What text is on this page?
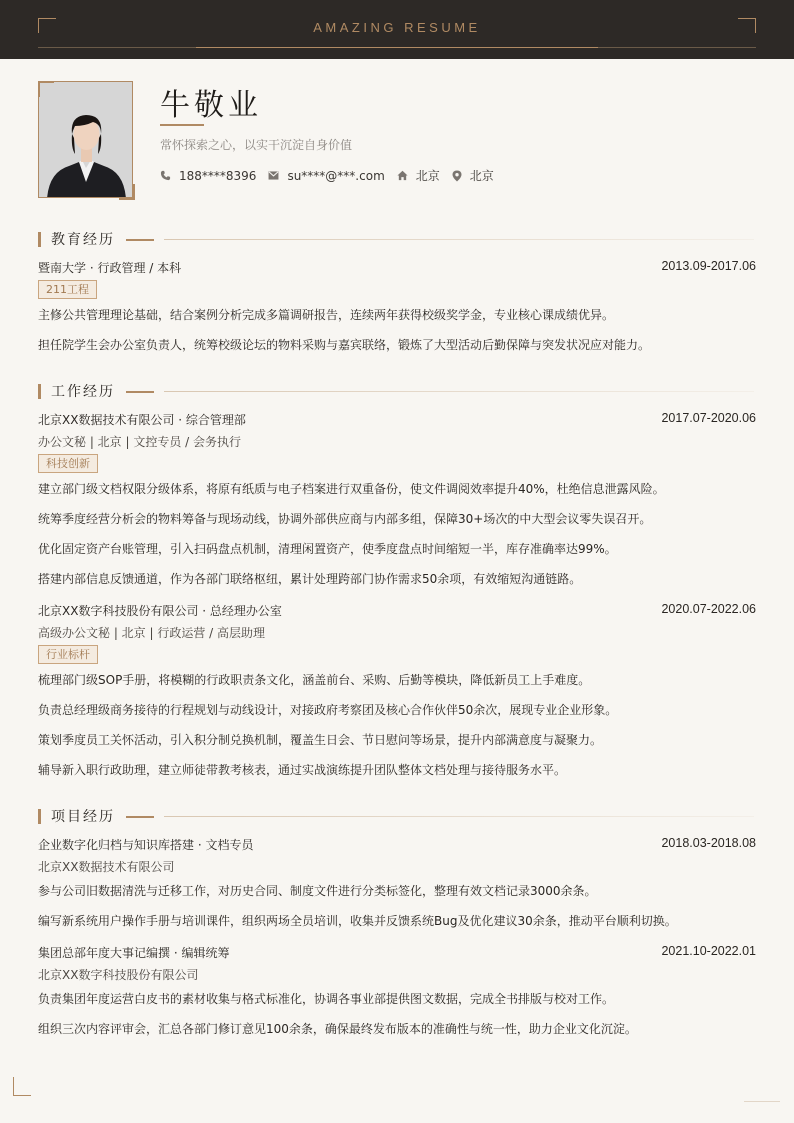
AMAZING RESUME
牛敬业
常怀探索之心，以实干沉淀自身价值
188****8396	su****@***.com	北京	北京
教育经历
暨南大学 · 行政管理 / 本科	2013.09-2017.06
211工程
主修公共管理理论基础，结合案例分析完成多篇调研报告，连续两年获得校级奖学金，专业核心课成绩优异。
担任院学生会办公室负责人，统筹校级论坛的物料采购与嘉宾联络，锻炼了大型活动后勤保障与突发状况应对能力。
工作经历
北京XX数据技术有限公司 · 综合管理部	2017.07-2020.06
办公文秘 | 北京 | 文控专员 / 会务执行
科技创新
建立部门级文档权限分级体系，将原有纸质与电子档案进行双重备份，使文件调阅效率提升40%，杜绝信息泄露风险。
统筹季度经营分析会的物料筹备与现场动线，协调外部供应商与内部多组，保障30+场次的中大型会议零失误召开。
优化固定资产台账管理，引入扫码盘点机制，清理闲置资产，使季度盘点时间缩短一半，库存准确率达99%。
搭建内部信息反馈通道，作为各部门联络枢纽，累计处理跨部门协作需求50余项，有效缩短沟通链路。
北京XX数字科技股份有限公司 · 总经理办公室	2020.07-2022.06
高级办公文秘 | 北京 | 行政运营 / 高层助理
行业标杆
梳理部门级SOP手册，将模糊的行政职责条文化，涵盖前台、采购、后勤等模块，降低新员工上手难度。
负责总经理级商务接待的行程规划与动线设计，对接政府考察团及核心合作伙伴50余次，展现专业企业形象。
策划季度员工关怀活动，引入积分制兑换机制，覆盖生日会、节日慰问等场景，提升内部满意度与凝聚力。
辅导新入职行政助理，建立师徒带教考核表，通过实战演练提升团队整体文档处理与接待服务水平。
项目经历
企业数字化归档与知识库搭建 · 文档专员	2018.03-2018.08
北京XX数据技术有限公司
参与公司旧数据清洗与迁移工作，对历史合同、制度文件进行分类标签化，整理有效文档记录3000余条。
编写新系统用户操作手册与培训课件，组织两场全员培训，收集并反馈系统Bug及优化建议30余条，推动平台顺利切换。
集团总部年度大事记编撰 · 编辑统筹	2021.10-2022.01
北京XX数字科技股份有限公司
负责集团年度运营白皮书的素材收集与格式标准化，协调各事业部提供图文数据，完成全书排版与校对工作。
组织三次内容评审会，汇总各部门修订意见100余条，确保最终发布版本的准确性与统一性，助力企业文化沉淀。
